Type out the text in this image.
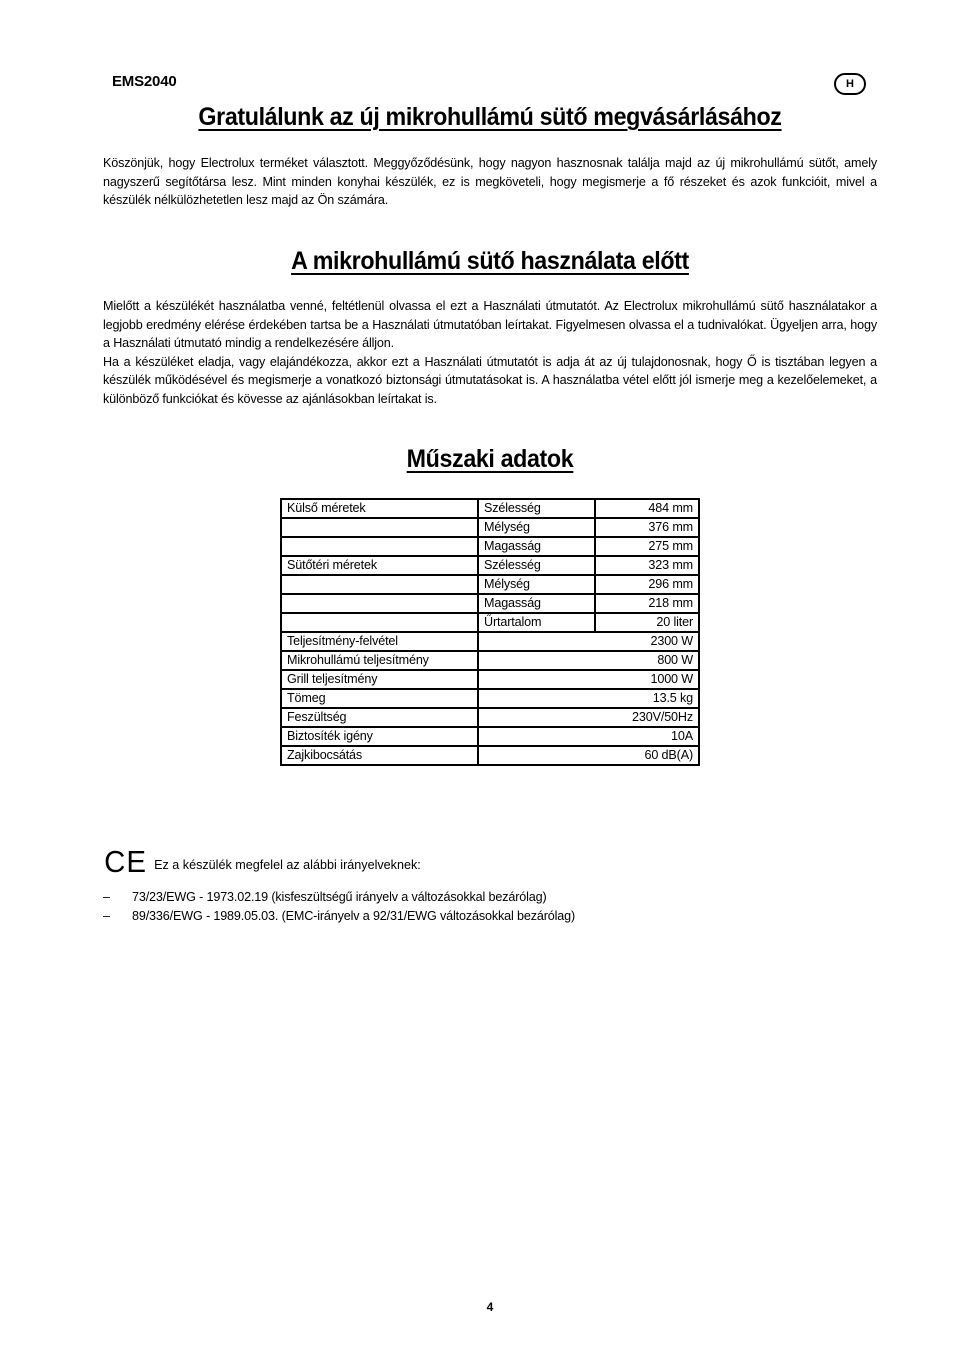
EMS2040	H
Gratulálunk az új mikrohullámú sütő megvásárlásához

Köszönjük, hogy Electrolux terméket választott. Meggyőződésünk, hogy nagyon hasznosnak találja majd az új mikrohullámú sütőt, amely nagyszerű segítőtársa lesz. Mint minden konyhai készülék, ez is megköveteli, hogy megismerje a fő részeket és azok funkcióit, mivel a készülék nélkülözhetetlen lesz majd az Ön számára.

A mikrohullámú sütő használata előtt

Mielőtt a készülékét használatba venné, feltétlenül olvassa el ezt a Használati útmutatót. Az Electrolux mikrohullámú sütő használatakor a legjobb eredmény elérése érdekében tartsa be a Használati útmutatóban leírtakat. Figyelmesen olvassa el a tudnivalókat. Ügyeljen arra, hogy a Használati útmutató mindig a rendelkezésére álljon.

Ha a készüléket eladja, vagy elajándékozza, akkor ezt a Használati útmutatót is adja át az új tulajdonosnak, hogy Ő is tisztában legyen a készülék működésével és megismerje a vonatkozó biztonsági útmutatásokat is. A használatba vétel előtt jól ismerje meg a kezelőelemeket, a különböző funkciókat és kövesse az ajánlásokban leírtakat is.

Műszaki adatok
Külső méretek	Szélesség	484 mm
	Mélység	376 mm
	Magasság	275 mm
Sütőtéri méretek	Szélesség	323 mm
	Mélység	296 mm
	Magasság	218 mm
	Űrtartalom	20 liter
Teljesítmény-felvétel	2300 W	
Mikrohullámú teljesítmény	800 W	
Grill teljesítmény	1000 W	
Tömeg	13.5 kg	
Feszültség	230V/50Hz	
Biztosíték igény	10A	
Zajkibocsátás	60 dB(A)	
CE Ez a készülék megfelel az alábbi irányelveknek:
– 73/23/EWG - 1973.02.19 (kisfeszültségű irányelv a változásokkal bezárólag)
– 89/336/EWG - 1989.05.03. (EMC-irányelv a 92/31/EWG változásokkal bezárólag)
4
